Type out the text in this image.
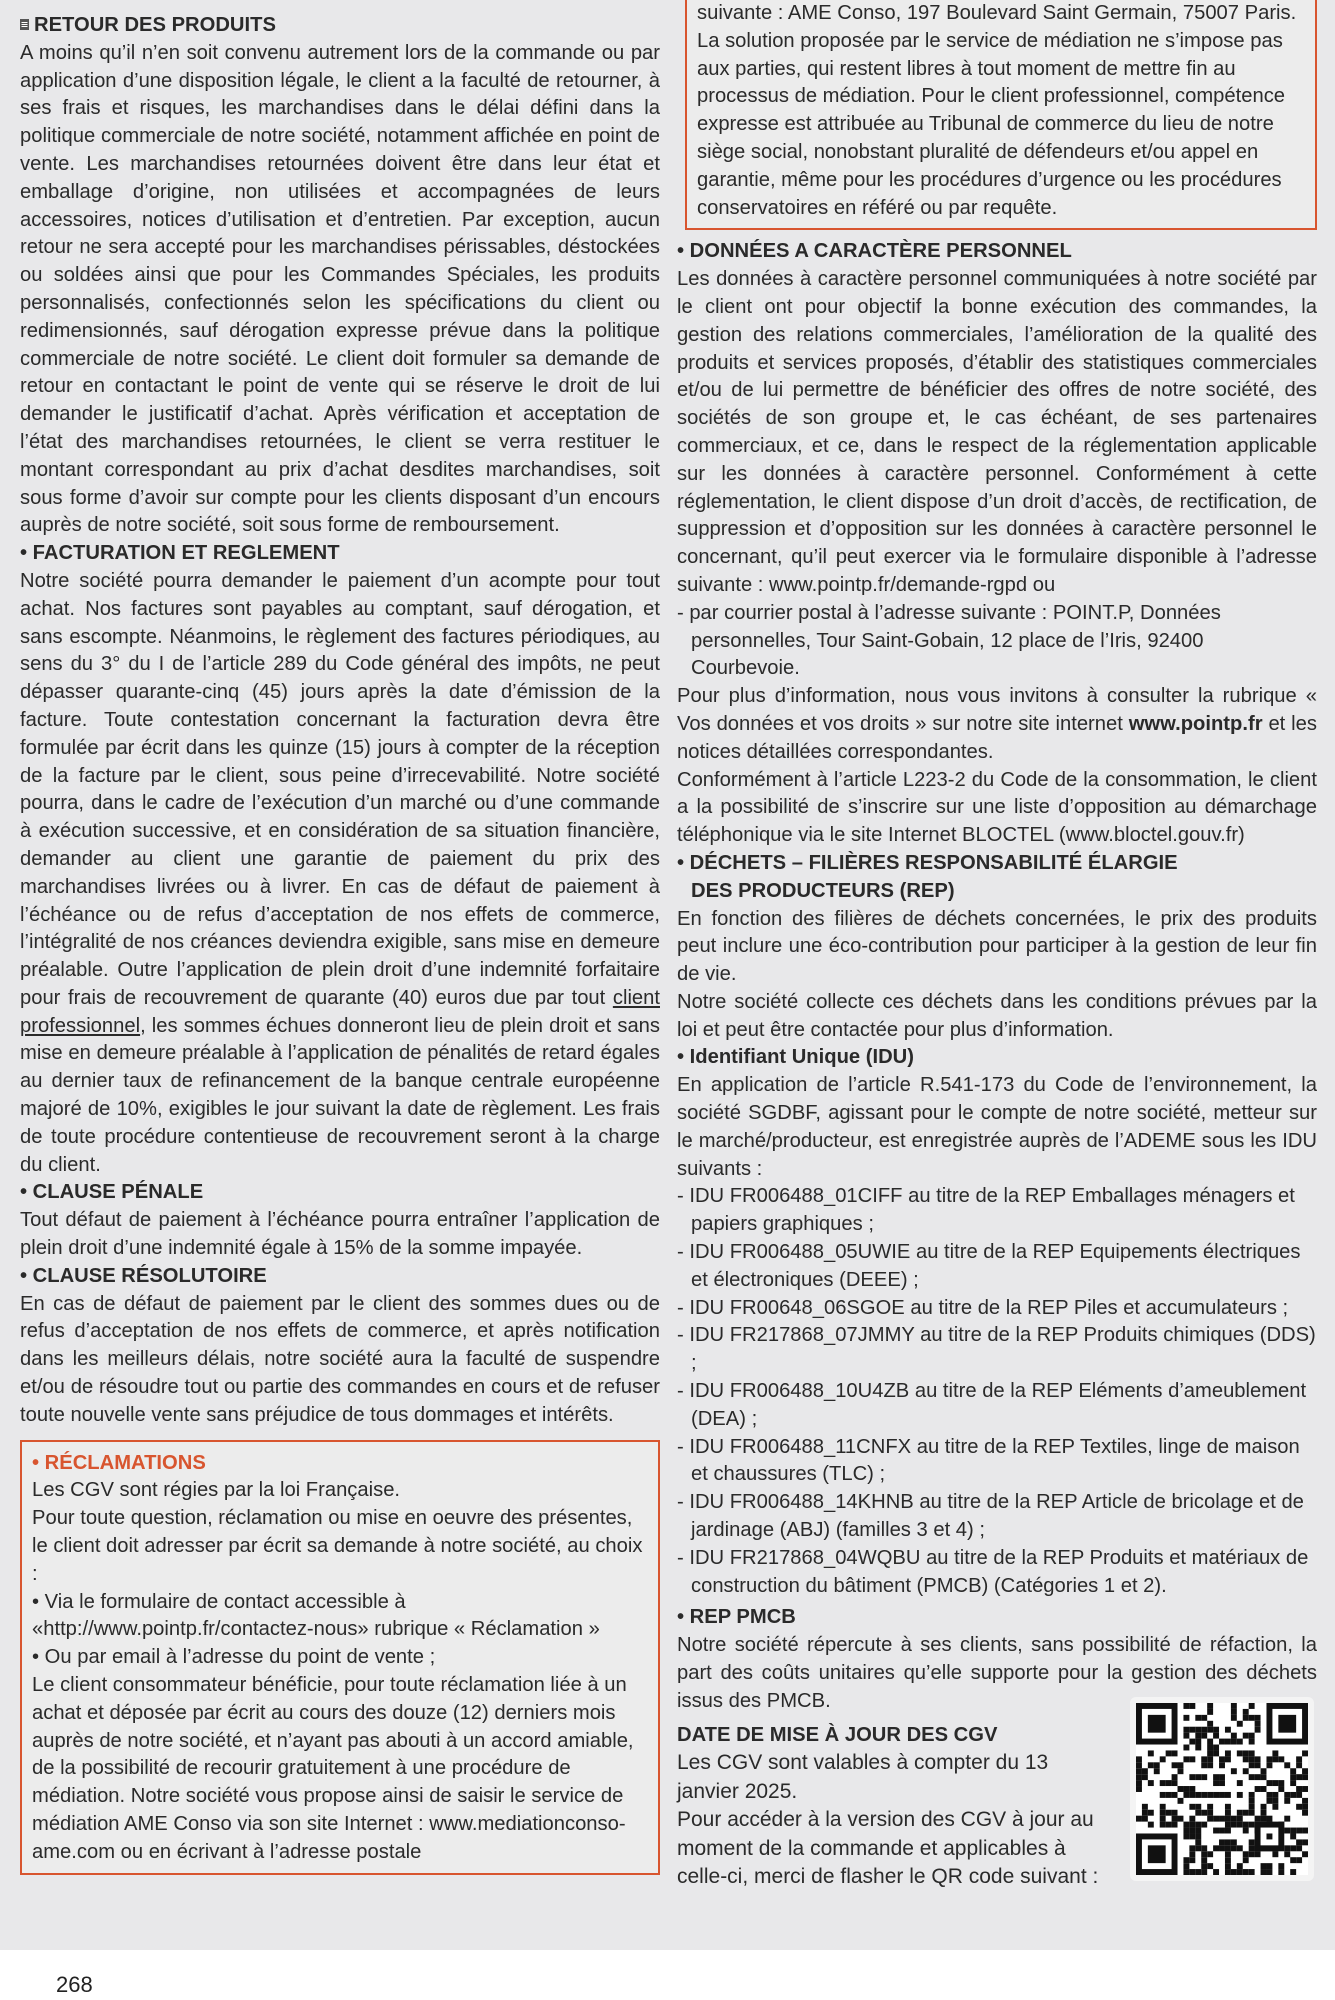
RETOUR DES PRODUITS

A moins qu’il n’en soit convenu autrement lors de la commande ou par application d’une disposition légale, le client a la faculté de retourner, à ses frais et risques, les marchandises dans le délai défini dans la politique commerciale de notre société, notamment affichée en point de vente. Les marchandises retournées doivent être dans leur état et emballage d’origine, non utilisées et accompagnées de leurs accessoires, notices d’utilisation et d’entretien. Par exception, aucun retour ne sera accepté pour les marchandises périssables, déstockées ou soldées ainsi que pour les Commandes Spéciales, les produits personnalisés, confectionnés selon les spécifications du client ou redimensionnés, sauf dérogation expresse prévue dans la politique commerciale de notre société. Le client doit formuler sa demande de retour en contactant le point de vente qui se réserve le droit de lui demander le justificatif d’achat. Après vérification et acceptation de l’état des marchandises retournées, le client se verra restituer le montant correspondant au prix d’achat desdites marchandises, soit sous forme d’avoir sur compte pour les clients disposant d’un encours auprès de notre société, soit sous forme de remboursement.

• FACTURATION ET REGLEMENT

Notre société pourra demander le paiement d’un acompte pour tout achat. Nos factures sont payables au comptant, sauf dérogation, et sans escompte. Néanmoins, le règlement des factures périodiques, au sens du 3° du I de l’article 289 du Code général des impôts, ne peut dépasser quarante-cinq (45) jours après la date d’émission de la facture. Toute contestation concernant la facturation devra être formulée par écrit dans les quinze (15) jours à compter de la réception de la facture par le client, sous peine d’irrecevabilité. Notre société pourra, dans le cadre de l’exécution d’un marché ou d’une commande à exécution successive, et en considération de sa situation financière, demander au client une garantie de paiement du prix des marchandises livrées ou à livrer. En cas de défaut de paiement à l’échéance ou de refus d’acceptation de nos effets de commerce, l’intégralité de nos créances deviendra exigible, sans mise en demeure préalable. Outre l’application de plein droit d’une indemnité forfaitaire pour frais de recouvrement de quarante (40) euros due par tout client professionnel, les sommes échues donneront lieu de plein droit et sans mise en demeure préalable à l’application de pénalités de retard égales au dernier taux de refinancement de la banque centrale européenne majoré de 10%, exigibles le jour suivant la date de règlement. Les frais de toute procédure contentieuse de recouvrement seront à la charge du client.

• CLAUSE PÉNALE

Tout défaut de paiement à l’échéance pourra entraîner l’application de plein droit d’une indemnité égale à 15% de la somme impayée.

• CLAUSE RÉSOLUTOIRE

En cas de défaut de paiement par le client des sommes dues ou de refus d’acceptation de nos effets de commerce, et après notification dans les meilleurs délais, notre société aura la faculté de suspendre et/ou de résoudre tout ou partie des commandes en cours et de refuser toute nouvelle vente sans préjudice de tous dommages et intérêts.

• RÉCLAMATIONS

Les CGV sont régies par la loi Française.

Pour toute question, réclamation ou mise en oeuvre des présentes, le client doit adresser par écrit sa demande à notre société, au choix :

• Via le formulaire de contact accessible à «http://www.pointp.fr/contactez-nous» rubrique « Réclamation »

• Ou par email à l’adresse du point de vente ;

Le client consommateur bénéficie, pour toute réclamation liée à un achat et déposée par écrit au cours des douze (12) derniers mois auprès de notre société, et n’ayant pas abouti à un accord amiable, de la possibilité de recourir gratuitement à une procédure de médiation. Notre société vous propose ainsi de saisir le service de médiation AME Conso via son site Internet : www.mediationconso-ame.com ou en écrivant à l’adresse postale

suivante : AME Conso, 197 Boulevard Saint Germain, 75007 Paris.

La solution proposée par le service de médiation ne s’impose pas aux parties, qui restent libres à tout moment de mettre fin au processus de médiation. Pour le client professionnel, compétence expresse est attribuée au Tribunal de commerce du lieu de notre siège social, nonobstant pluralité de défendeurs et/ou appel en garantie, même pour les procédures d’urgence ou les procédures conservatoires en référé ou par requête.

• DONNÉES A CARACTÈRE PERSONNEL

Les données à caractère personnel communiquées à notre société par le client ont pour objectif la bonne exécution des commandes, la gestion des relations commerciales, l’amélioration de la qualité des produits et services proposés, d’établir des statistiques commerciales et/ou de lui permettre de bénéficier des offres de notre société, des sociétés de son groupe et, le cas échéant, de ses partenaires commerciaux, et ce, dans le respect de la réglementation applicable sur les données à caractère personnel. Conformément à cette réglementation, le client dispose d’un droit d’accès, de rectification, de suppression et d’opposition sur les données à caractère personnel le concernant, qu’il peut exercer via le formulaire disponible à l’adresse suivante : www.pointp.fr/demande-rgpd ou

- par courrier postal à l’adresse suivante : POINT.P, Données personnelles, Tour Saint-Gobain, 12 place de l’Iris, 92400 Courbevoie.

Pour plus d’information, nous vous invitons à consulter la rubrique « Vos données et vos droits » sur notre site internet www.pointp.fr et les notices détaillées correspondantes.

Conformément à l’article L223-2 du Code de la consommation, le client a la possibilité de s’inscrire sur une liste d’opposition au démarchage téléphonique via le site Internet BLOCTEL (www.bloctel.gouv.fr)

• DÉCHETS – FILIÈRES RESPONSABILITÉ ÉLARGIE
DES PRODUCTEURS (REP)

En fonction des filières de déchets concernées, le prix des produits peut inclure une éco-contribution pour participer à la gestion de leur fin de vie.

Notre société collecte ces déchets dans les conditions prévues par la loi et peut être contactée pour plus d’information.

• Identifiant Unique (IDU)

En application de l’article R.541-173 du Code de l’environnement, la société SGDBF, agissant pour le compte de notre société, metteur sur le marché/producteur, est enregistrée auprès de l’ADEME sous les IDU suivants :

- IDU FR006488_01CIFF au titre de la REP Emballages ménagers et papiers graphiques ;

- IDU FR006488_05UWIE au titre de la REP Equipements électriques et électroniques (DEEE) ;

- IDU FR00648_06SGOE au titre de la REP Piles et accumulateurs ;

- IDU FR217868_07JMMY au titre de la REP Produits chimiques (DDS) ;

- IDU FR006488_10U4ZB au titre de la REP Eléments d’ameublement (DEA) ;

- IDU FR006488_11CNFX au titre de la REP Textiles, linge de maison et chaussures (TLC) ;

- IDU FR006488_14KHNB au titre de la REP Article de bricolage et de jardinage (ABJ) (familles 3 et 4) ;

- IDU FR217868_04WQBU au titre de la REP Produits et matériaux de construction du bâtiment (PMCB) (Catégories 1 et 2).

• REP PMCB

Notre société répercute à ses clients, sans possibilité de réfaction, la part des coûts unitaires qu’elle supporte pour la gestion des déchets issus des PMCB.

DATE DE MISE À JOUR DES CGV

Les CGV sont valables à compter du 13 janvier 2025.

Pour accéder à la version des CGV à jour au moment de la commande et applicables à celle-ci, merci de flasher le QR code suivant :

268
